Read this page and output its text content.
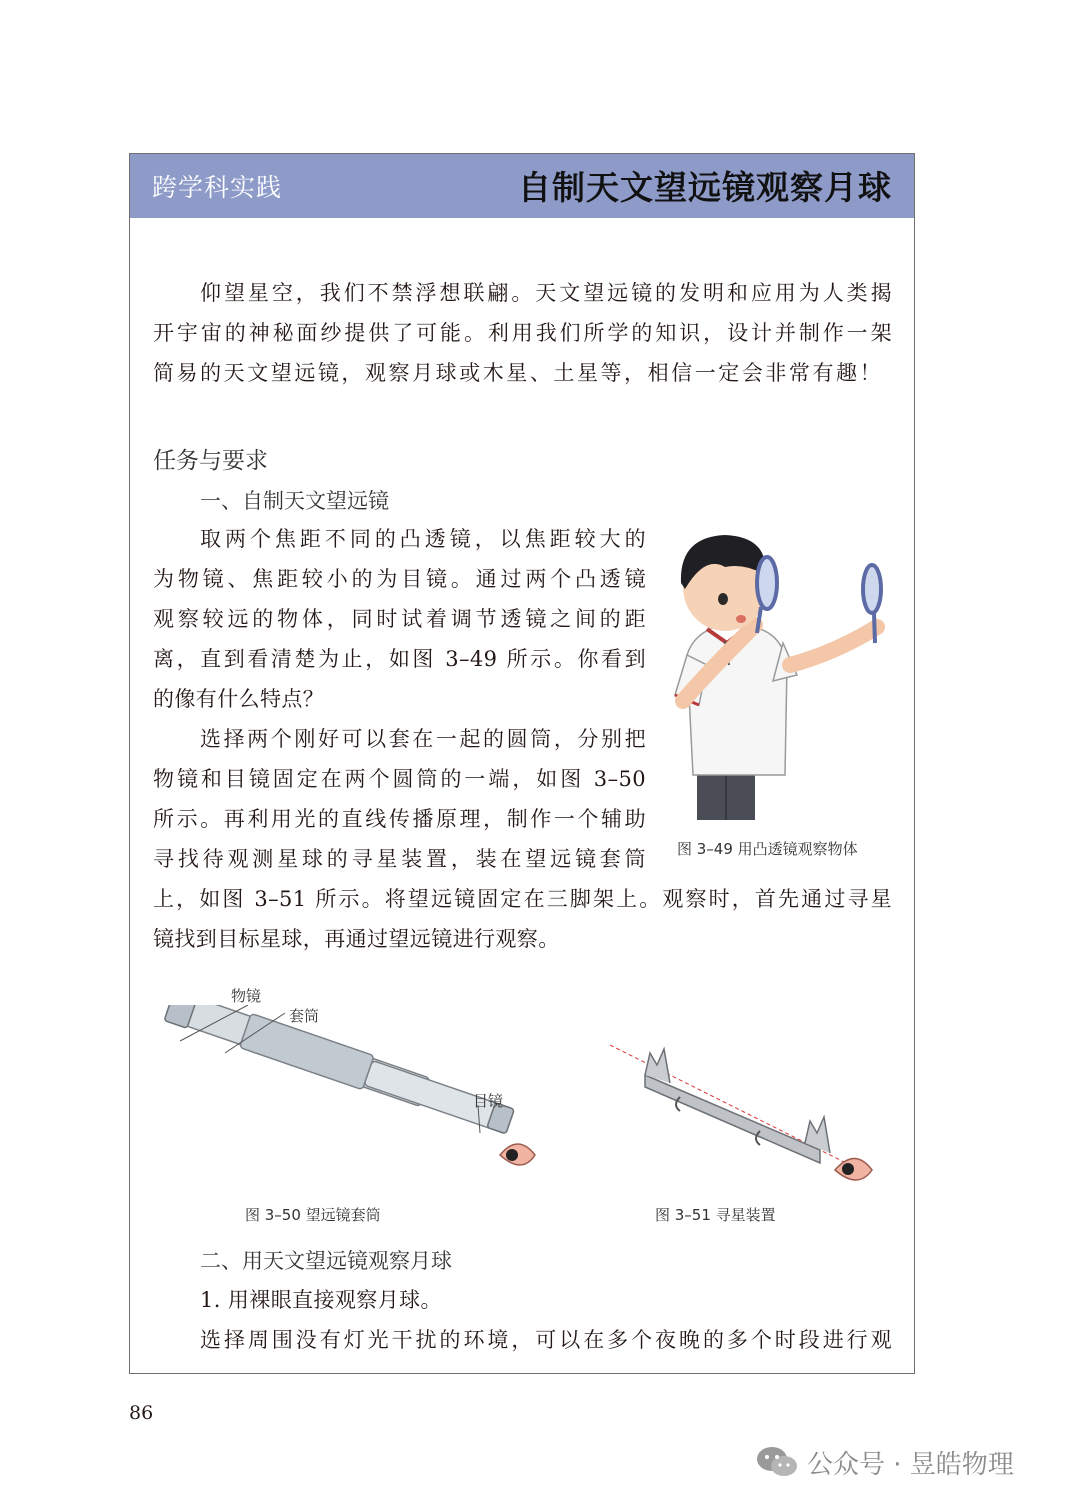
跨学科实践	自制天文望远镜观察月球
仰望星空，我们不禁浮想联翩。天文望远镜的发明和应用为人类揭
开宇宙的神秘面纱提供了可能。利用我们所学的知识，设计并制作一架
简易的天文望远镜，观察月球或木星、土星等，相信一定会非常有趣！
任务与要求
一、自制天文望远镜
取两个焦距不同的凸透镜，以焦距较大的
为物镜、焦距较小的为目镜。通过两个凸透镜
观察较远的物体，同时试着调节透镜之间的距
离，直到看清楚为止，如图 3–49 所示。你看到
的像有什么特点？
选择两个刚好可以套在一起的圆筒，分别把
物镜和目镜固定在两个圆筒的一端，如图 3–50
所示。再利用光的直线传播原理，制作一个辅助
寻找待观测星球的寻星装置，装在望远镜套筒
上，如图 3–51 所示。将望远镜固定在三脚架上。观察时，首先通过寻星
镜找到目标星球，再通过望远镜进行观察。
图 3–49 用凸透镜观察物体
物镜
套筒
目镜
图 3–50 望远镜套筒	图 3–51 寻星装置
二、用天文望远镜观察月球
1. 用裸眼直接观察月球。
选择周围没有灯光干扰的环境，可以在多个夜晚的多个时段进行观
86
公众号 · 昱皓物理
